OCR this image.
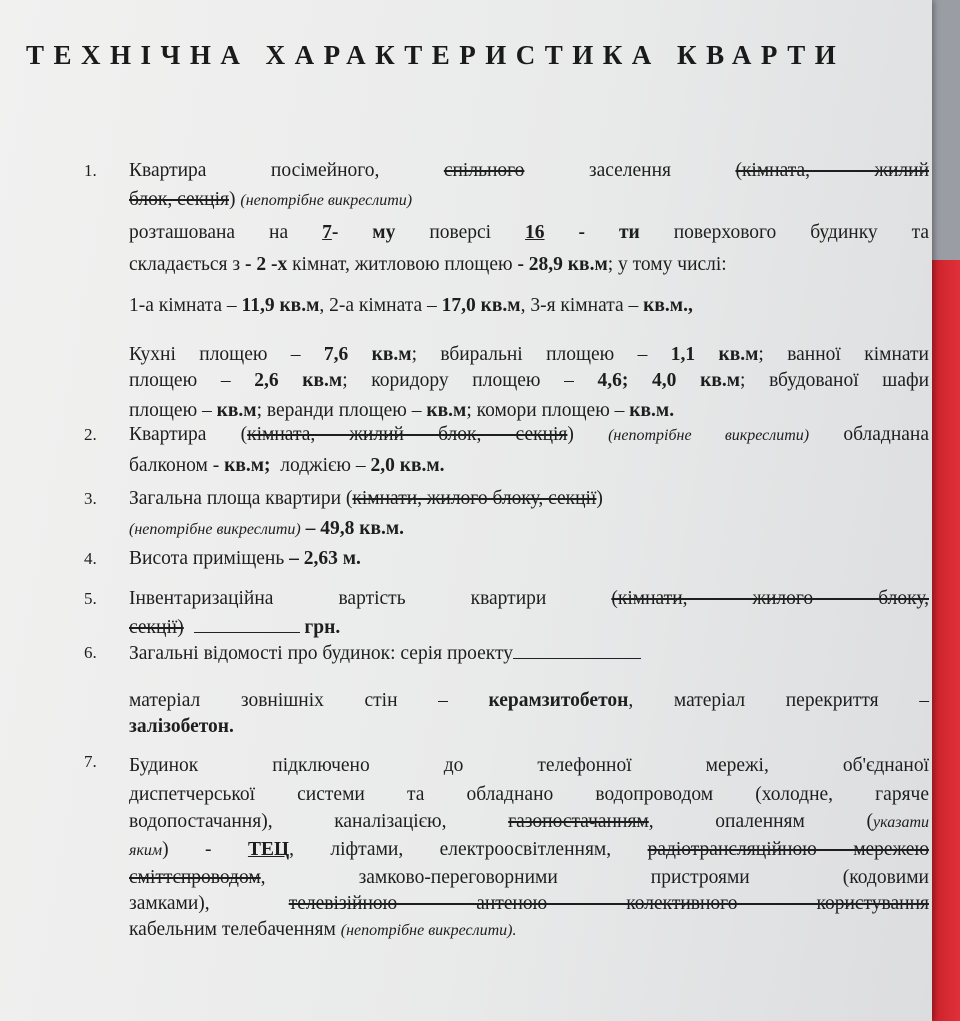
ТЕХНІЧНА ХАРАКТЕРИСТИКА КВАРТИ
1. Квартира посімейного,	спільного	заселення	(кімната, жилий
блок, секція) (непотрібне викреслити)
розташована на 7- му поверсі 16 - ти поверхового будинку та
складається з - 2 -х кімнат, житловою площею - 28,9 кв.м; у тому числі:
1-а кімната – 11,9 кв.м, 2-а кімната – 17,0 кв.м, 3-я кімната – кв.м.,
Кухні площею – 7,6 кв.м; вбиральні площею – 1,1 кв.м; ванної кімнати
площею – 2,6 кв.м; коридору площею – 4,6; 4,0 кв.м; вбудованої шафи
площею – кв.м; веранди площею – кв.м; комори площею – кв.м.
2. Квартира (кімната, жилий блок, секція) (непотрібне викреслити) обладнана
балконом - кв.м; лоджією – 2,0 кв.м.
3. Загальна площа квартири (кімнати, жилого блоку, секції)
(непотрібне викреслити) – 49,8 кв.м.
4. Висота приміщень – 2,63 м.
5. Інвентаризаційна вартість квартири	(кімнати, жилого блоку,
секції)	грн.
6. Загальні відомості про будинок: серія проекту
матеріал зовнішніх стін – керамзитобетон, матеріал перекриття –
залізобетон.
7. Будинок підключено до телефонної мережі, об'єднаної
диспетчерської системи та обладнано водопроводом (холодне, гаряче
водопостачання), каналізацією,	газопостачанням, опаленням (указати
яким) - ТЕЦ, ліфтами, електроосвітленням, радіотрансляційною мережею
сміттєпроводом, замково-переговорними пристроями (кодовими
замками),	телевізійною антеною колективного користування
кабельним телебаченням (непотрібне викреслити).
